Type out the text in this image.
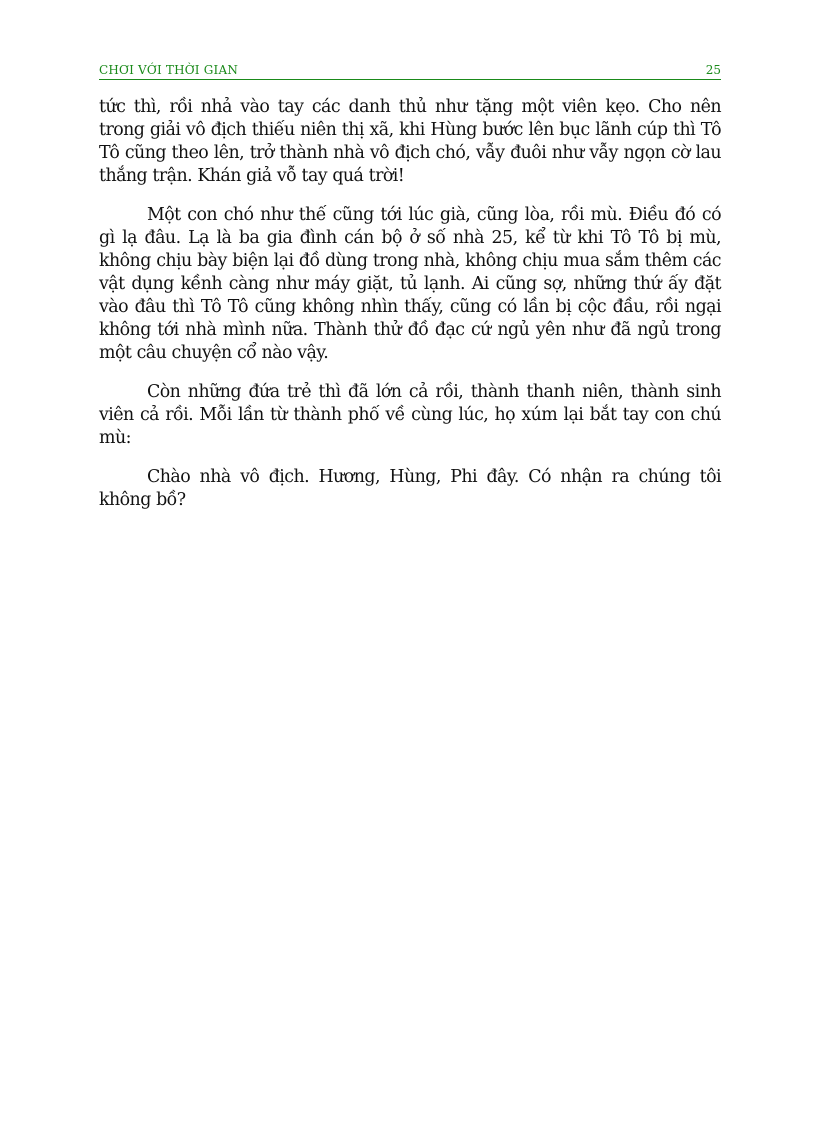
CHƠI VỚI THỜI GIAN	25

tức thì, rồi nhả vào tay các danh thủ như tặng một viên kẹo. Cho nên trong giải vô địch thiếu niên thị xã, khi Hùng bước lên bục lãnh cúp thì Tô Tô cũng theo lên, trở thành nhà vô địch chó, vẫy đuôi như vẫy ngọn cờ lau thắng trận. Khán giả vỗ tay quá trời!

Một con chó như thế cũng tới lúc già, cũng lòa, rồi mù. Điều đó có gì lạ đâu. Lạ là ba gia đình cán bộ ở số nhà 25, kể từ khi Tô Tô bị mù, không chịu bày biện lại đồ dùng trong nhà, không chịu mua sắm thêm các vật dụng kềnh càng như máy giặt, tủ lạnh. Ai cũng sợ, những thứ ấy đặt vào đâu thì Tô Tô cũng không nhìn thấy, cũng có lần bị cộc đầu, rồi ngại không tới nhà mình nữa. Thành thử đồ đạc cứ ngủ yên như đã ngủ trong một câu chuyện cổ nào vậy.

Còn những đứa trẻ thì đã lớn cả rồi, thành thanh niên, thành sinh viên cả rồi. Mỗi lần từ thành phố về cùng lúc, họ xúm lại bắt tay con chú mù:

Chào nhà vô địch. Hương, Hùng, Phi đây. Có nhận ra chúng tôi không bồ?
